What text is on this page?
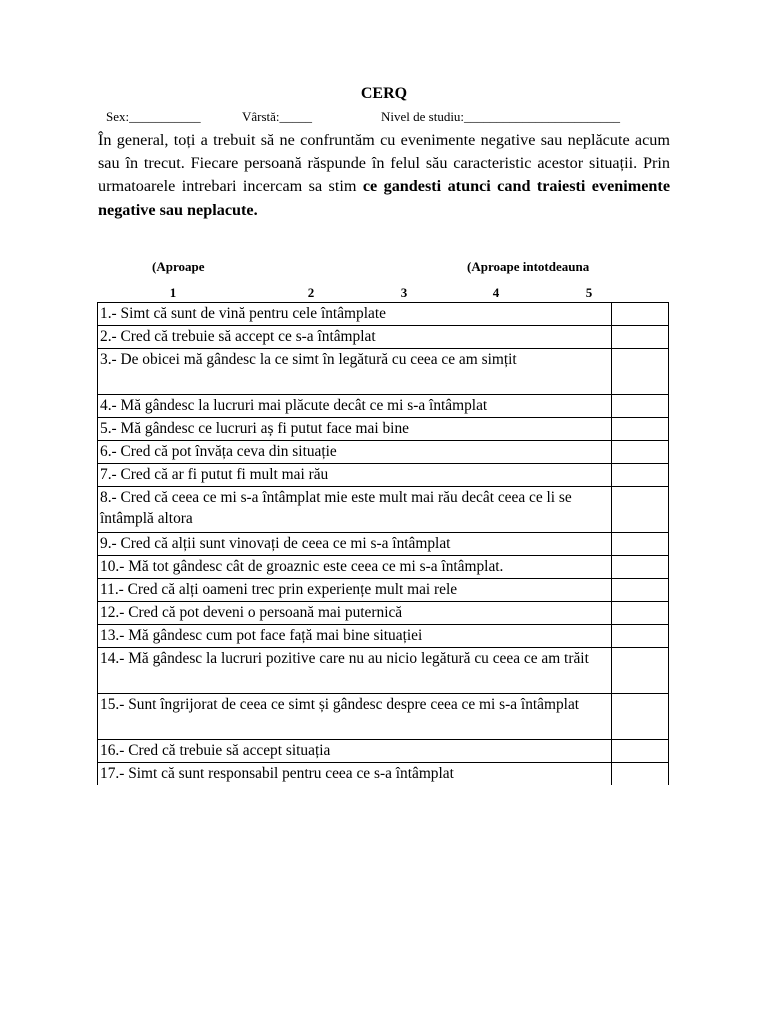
CERQ
Sex:___________	Vârstă:_____	Nivel de studiu:________________________
În general, toți a trebuit să ne confruntăm cu evenimente negative sau neplăcute acum sau în trecut. Fiecare persoană răspunde în felul său caracteristic acestor situații. Prin urmatoarele intrebari incercam sa stim ce gandesti atunci cand traiesti evenimente negative sau neplacute.
(Aproape	(Aproape intotdeauna
1	2	3	4	5
1.- Simt că sunt de vină pentru cele întâmplate	
2.- Cred că trebuie să accept ce s-a întâmplat	
3.- De obicei mă gândesc la ce simt în legătură cu ceea ce am simțit	
4.- Mă gândesc la lucruri mai plăcute decât ce mi s-a întâmplat	
5.- Mă gândesc ce lucruri aș fi putut face mai bine	
6.- Cred că pot învăța ceva din situație	
7.- Cred că ar fi putut fi mult mai rău	
8.- Cred că ceea ce mi s-a întâmplat mie este mult mai rău decât ceea ce li se întâmplă altora	
9.- Cred că alții sunt vinovați de ceea ce mi s-a întâmplat	
10.- Mă tot gândesc cât de groaznic este ceea ce mi s-a întâmplat.	
11.- Cred că alți oameni trec prin experiențe mult mai rele	
12.- Cred că pot deveni o persoană mai puternică	
13.- Mă gândesc cum pot face față mai bine situației	
14.- Mă gândesc la lucruri pozitive care nu au nicio legătură cu ceea ce am trăit	
15.- Sunt îngrijorat de ceea ce simt și gândesc despre ceea ce mi s-a întâmplat	
16.- Cred că trebuie să accept situația	
17.- Simt că sunt responsabil pentru ceea ce s-a întâmplat	
